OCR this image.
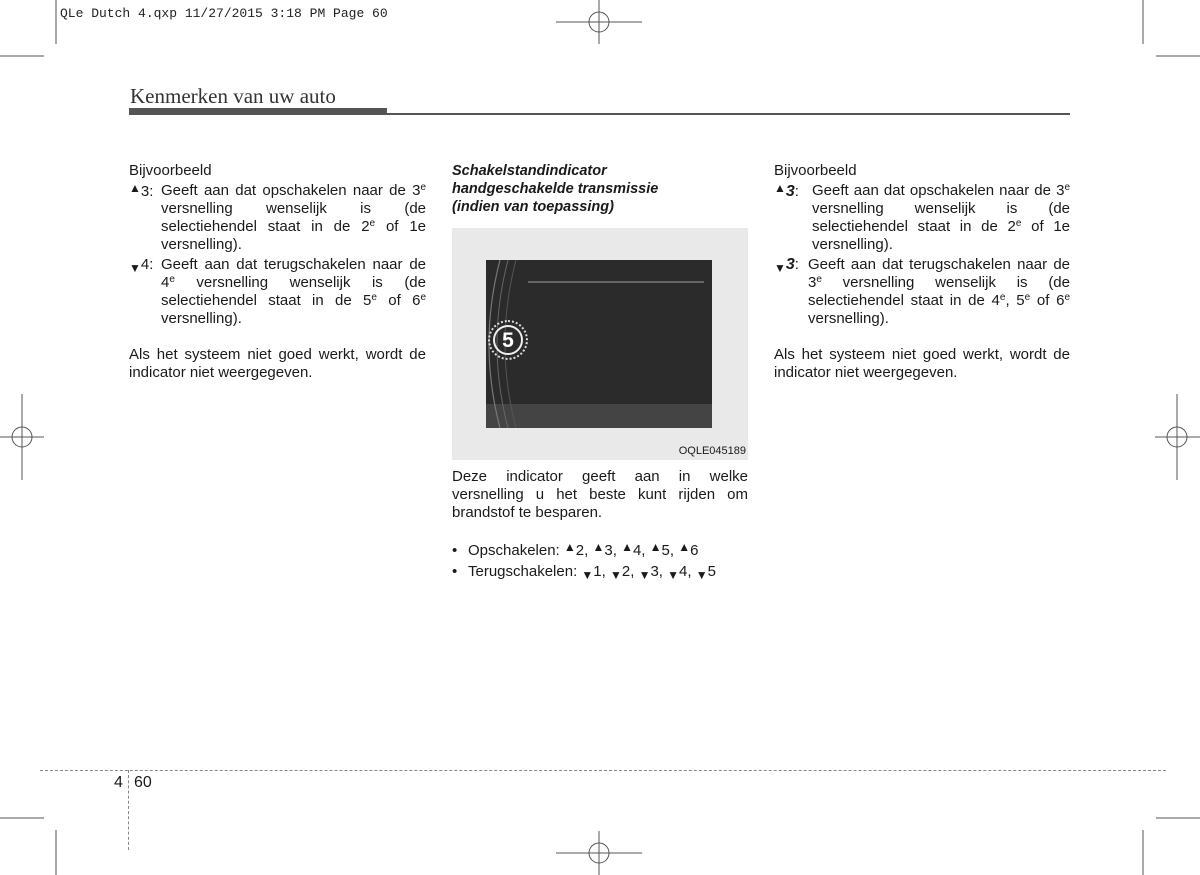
QLe Dutch 4.qxp 11/27/2015 3:18 PM Page 60
Kenmerken van uw auto

Bijvoorbeeld

▲3: Geeft aan dat opschakelen naar de 3e versnelling wenselijk is (de selectiehendel staat in de 2e of 1e versnelling).
▼4: Geeft aan dat terugschakelen naar de 4e versnelling wenselijk is (de selectiehendel staat in de 5e of 6e versnelling).

Als het systeem niet goed werkt, wordt de indicator niet weergegeven.

Schakelstandindicator
handgeschakelde transmissie
(indien van toepassing)
5
OQLE045189
Deze indicator geeft aan in welke versnelling u het beste kunt rijden om brandstof te besparen.
• Opschakelen: ▲2, ▲3, ▲4, ▲5, ▲6
• Terugschakelen: ▼1, ▼2, ▼3, ▼4, ▼5

Bijvoorbeeld

▲3: Geeft aan dat opschakelen naar de 3e versnelling wenselijk is (de selectiehendel staat in de 2e of 1e versnelling).
▼3: Geeft aan dat terugschakelen naar de 3e versnelling wenselijk is (de selectiehendel staat in de 4e, 5e of 6e versnelling).

Als het systeem niet goed werkt, wordt de indicator niet weergegeven.

4 60
